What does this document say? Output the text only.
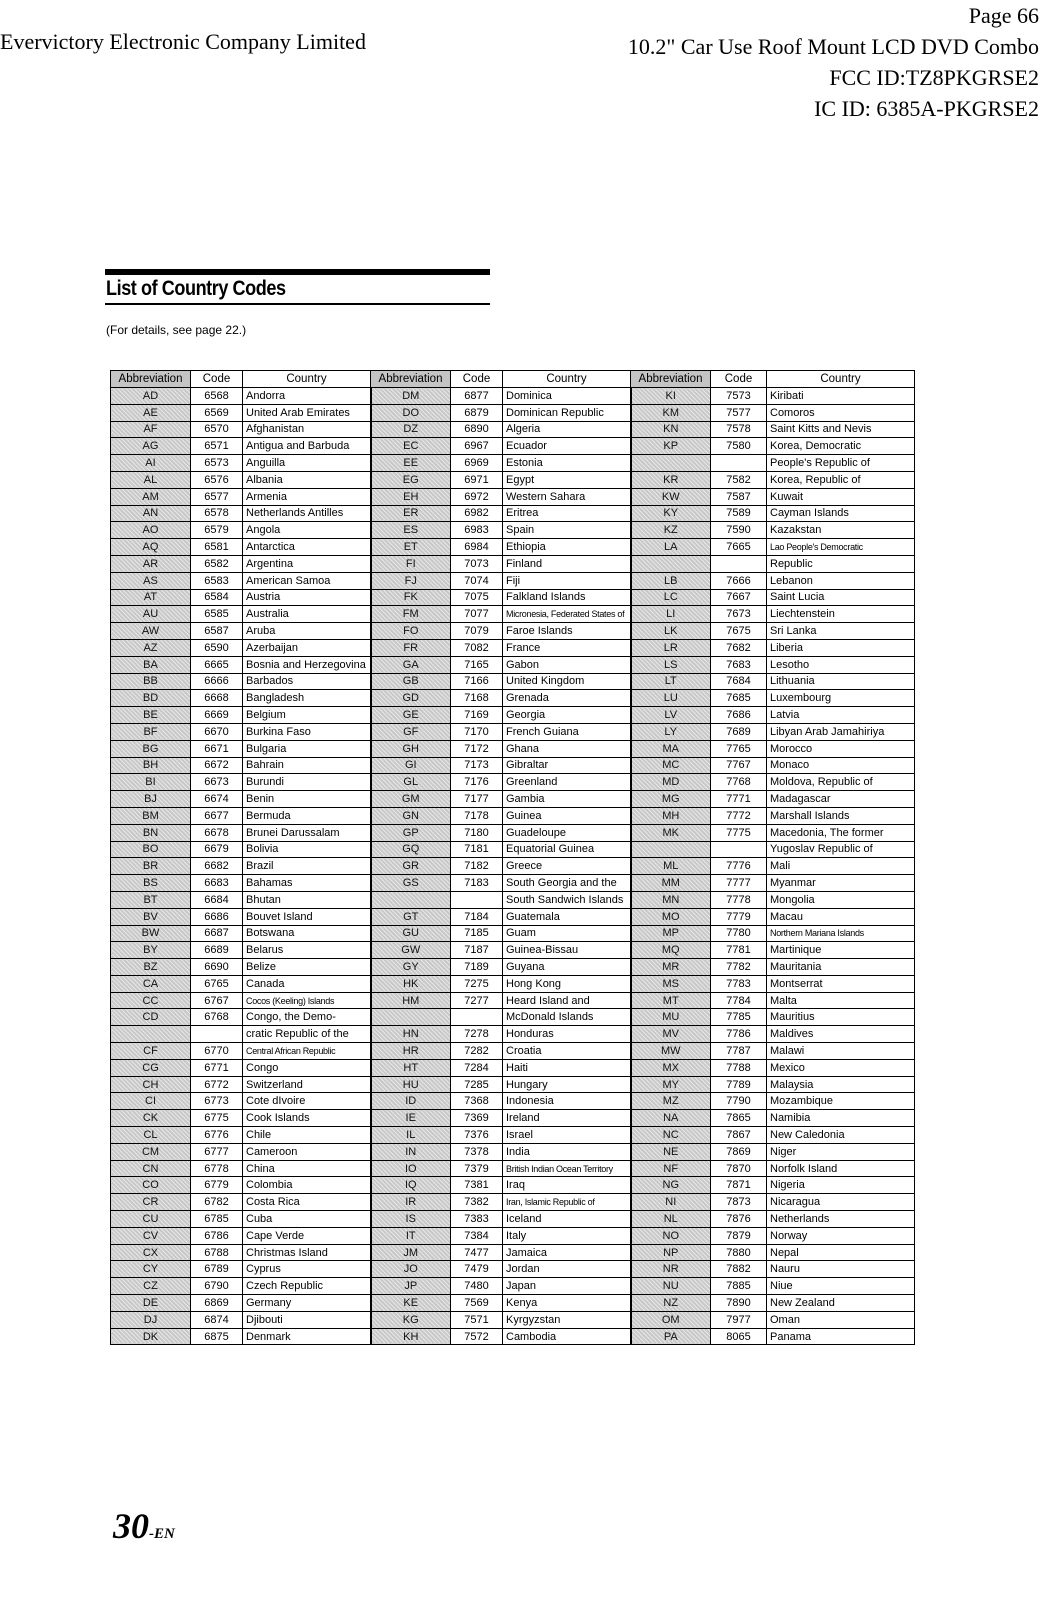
Evervictory Electronic Company Limited
Page 66
10.2" Car Use Roof Mount LCD DVD Combo
FCC ID:TZ8PKGRSE2
IC ID: 6385A-PKGRSE2
List of Country Codes
(For details, see page 22.)
Abbreviation	Code	Country	Abbreviation	Code	Country	Abbreviation	Code	Country
AD	6568	Andorra	DM	6877	Dominica	KI	7573	Kiribati
AE	6569	United Arab Emirates	DO	6879	Dominican Republic	KM	7577	Comoros
AF	6570	Afghanistan	DZ	6890	Algeria	KN	7578	Saint Kitts and Nevis
AG	6571	Antigua and Barbuda	EC	6967	Ecuador	KP	7580	Korea, Democratic
AI	6573	Anguilla	EE	6969	Estonia			People's Republic of
AL	6576	Albania	EG	6971	Egypt	KR	7582	Korea, Republic of
AM	6577	Armenia	EH	6972	Western Sahara	KW	7587	Kuwait
AN	6578	Netherlands Antilles	ER	6982	Eritrea	KY	7589	Cayman Islands
AO	6579	Angola	ES	6983	Spain	KZ	7590	Kazakstan
AQ	6581	Antarctica	ET	6984	Ethiopia	LA	7665	Lao People's Democratic
AR	6582	Argentina	FI	7073	Finland			Republic
AS	6583	American Samoa	FJ	7074	Fiji	LB	7666	Lebanon
AT	6584	Austria	FK	7075	Falkland Islands	LC	7667	Saint Lucia
AU	6585	Australia	FM	7077	Micronesia, Federated States of	LI	7673	Liechtenstein
AW	6587	Aruba	FO	7079	Faroe Islands	LK	7675	Sri Lanka
AZ	6590	Azerbaijan	FR	7082	France	LR	7682	Liberia
BA	6665	Bosnia and Herzegovina	GA	7165	Gabon	LS	7683	Lesotho
BB	6666	Barbados	GB	7166	United Kingdom	LT	7684	Lithuania
BD	6668	Bangladesh	GD	7168	Grenada	LU	7685	Luxembourg
BE	6669	Belgium	GE	7169	Georgia	LV	7686	Latvia
BF	6670	Burkina Faso	GF	7170	French Guiana	LY	7689	Libyan Arab Jamahiriya
BG	6671	Bulgaria	GH	7172	Ghana	MA	7765	Morocco
BH	6672	Bahrain	GI	7173	Gibraltar	MC	7767	Monaco
BI	6673	Burundi	GL	7176	Greenland	MD	7768	Moldova, Republic of
BJ	6674	Benin	GM	7177	Gambia	MG	7771	Madagascar
BM	6677	Bermuda	GN	7178	Guinea	MH	7772	Marshall Islands
BN	6678	Brunei Darussalam	GP	7180	Guadeloupe	MK	7775	Macedonia, The former
BO	6679	Bolivia	GQ	7181	Equatorial Guinea			Yugoslav Republic of
BR	6682	Brazil	GR	7182	Greece	ML	7776	Mali
BS	6683	Bahamas	GS	7183	South Georgia and the	MM	7777	Myanmar
BT	6684	Bhutan			South Sandwich Islands	MN	7778	Mongolia
BV	6686	Bouvet Island	GT	7184	Guatemala	MO	7779	Macau
BW	6687	Botswana	GU	7185	Guam	MP	7780	Northern Mariana Islands
BY	6689	Belarus	GW	7187	Guinea-Bissau	MQ	7781	Martinique
BZ	6690	Belize	GY	7189	Guyana	MR	7782	Mauritania
CA	6765	Canada	HK	7275	Hong Kong	MS	7783	Montserrat
CC	6767	Cocos (Keeling) Islands	HM	7277	Heard Island and	MT	7784	Malta
CD	6768	Congo, the Demo-			McDonald Islands	MU	7785	Mauritius
		cratic Republic of the	HN	7278	Honduras	MV	7786	Maldives
CF	6770	Central African Republic	HR	7282	Croatia	MW	7787	Malawi
CG	6771	Congo	HT	7284	Haiti	MX	7788	Mexico
CH	6772	Switzerland	HU	7285	Hungary	MY	7789	Malaysia
CI	6773	Cote dIvoire	ID	7368	Indonesia	MZ	7790	Mozambique
CK	6775	Cook Islands	IE	7369	Ireland	NA	7865	Namibia
CL	6776	Chile	IL	7376	Israel	NC	7867	New Caledonia
CM	6777	Cameroon	IN	7378	India	NE	7869	Niger
CN	6778	China	IO	7379	British Indian Ocean Territory	NF	7870	Norfolk Island
CO	6779	Colombia	IQ	7381	Iraq	NG	7871	Nigeria
CR	6782	Costa Rica	IR	7382	Iran, Islamic Republic of	NI	7873	Nicaragua
CU	6785	Cuba	IS	7383	Iceland	NL	7876	Netherlands
CV	6786	Cape Verde	IT	7384	Italy	NO	7879	Norway
CX	6788	Christmas Island	JM	7477	Jamaica	NP	7880	Nepal
CY	6789	Cyprus	JO	7479	Jordan	NR	7882	Nauru
CZ	6790	Czech Republic	JP	7480	Japan	NU	7885	Niue
DE	6869	Germany	KE	7569	Kenya	NZ	7890	New Zealand
DJ	6874	Djibouti	KG	7571	Kyrgyzstan	OM	7977	Oman
DK	6875	Denmark	KH	7572	Cambodia	PA	8065	Panama
30-EN
